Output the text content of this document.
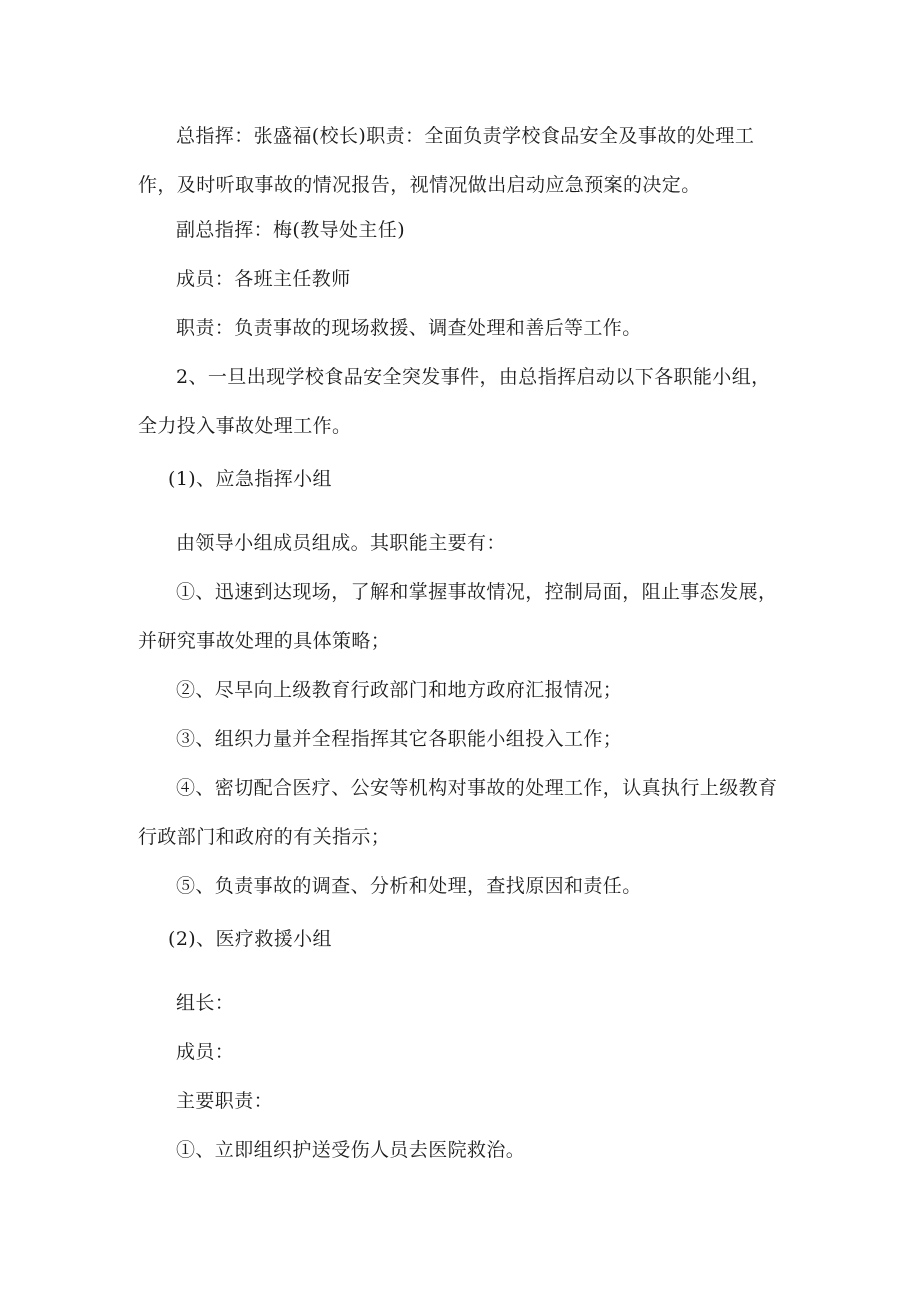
总指挥：张盛福(校长)职责：全面负责学校食品安全及事故的处理工作，及时听取事故的情况报告，视情况做出启动应急预案的决定。

副总指挥：梅(教导处主任)

成员：各班主任教师

职责：负责事故的现场救援、调查处理和善后等工作。

2、一旦出现学校食品安全突发事件，由总指挥启动以下各职能小组，全力投入事故处理工作。

(1)、应急指挥小组

由领导小组成员组成。其职能主要有：

①、迅速到达现场，了解和掌握事故情况，控制局面，阻止事态发展，并研究事故处理的具体策略；

②、尽早向上级教育行政部门和地方政府汇报情况；

③、组织力量并全程指挥其它各职能小组投入工作；

④、密切配合医疗、公安等机构对事故的处理工作，认真执行上级教育行政部门和政府的有关指示；

⑤、负责事故的调查、分析和处理，查找原因和责任。

(2)、医疗救援小组

组长：

成员：

主要职责：

①、立即组织护送受伤人员去医院救治。
